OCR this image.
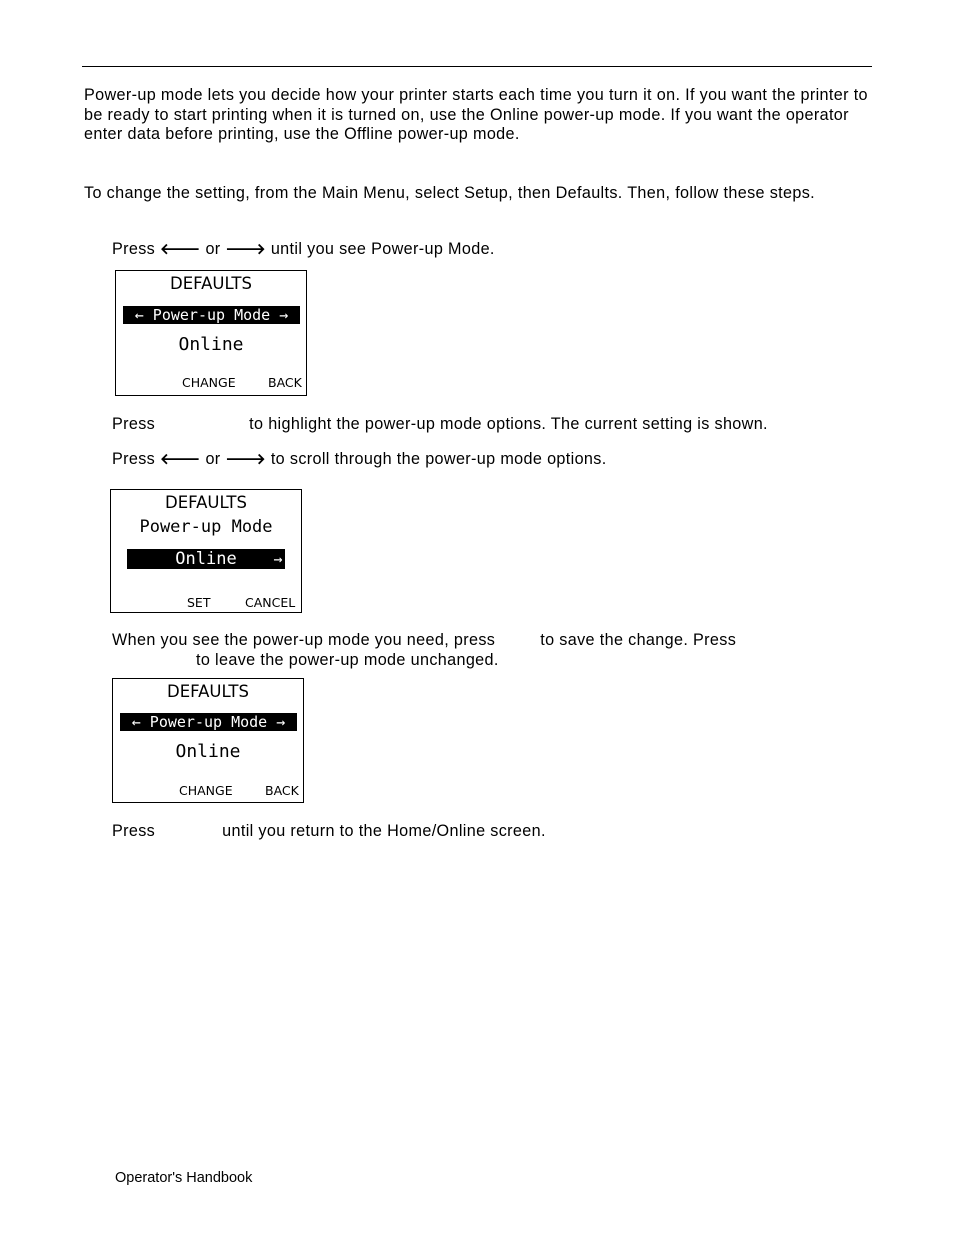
Power-up mode lets you decide how your printer starts each time you turn it on. If you want the printer to be ready to start printing when it is turned on, use the Online power-up mode. If you want the operator enter data before printing, use the Offline power-up mode.
To change the setting, from the Main Menu, select Setup, then Defaults. Then, follow these steps.
Press 🡐 or 🡒 until you see Power-up Mode.
DEFAULTS
← Power-up Mode →
Online
CHANGE	BACK
Press	to highlight the power-up mode options. The current setting is shown.
Press 🡐 or 🡒 to scroll through the power-up mode options.
DEFAULTS
Power-up Mode
Online	→
SET	CANCEL
When you see the power-up mode you need, press	to save the change. Press
to leave the power-up mode unchanged.
DEFAULTS
← Power-up Mode →
Online
CHANGE	BACK
Press	until you return to the Home/Online screen.
Operator's Handbook
